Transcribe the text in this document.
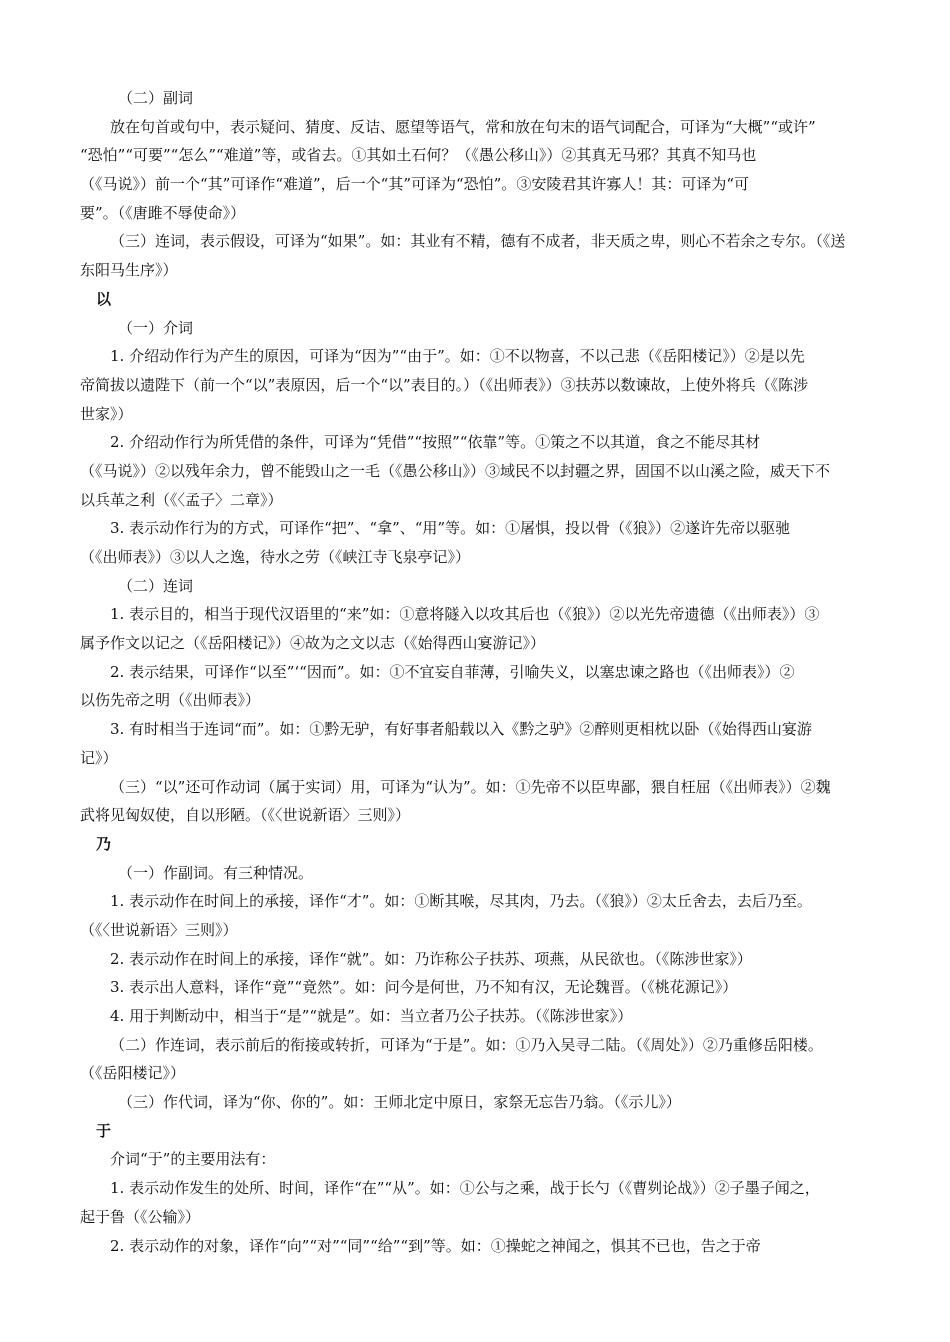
（二）副词
放在句首或句中，表示疑问、猜度、反诘、愿望等语气，常和放在句末的语气词配合，可译为“大概”“或许”
“恐怕”“可要”“怎么”“难道”等，或省去。①其如土石何？（《愚公移山》）②其真无马邪？其真不知马也
（《马说》）前一个“其”可译作“难道”，后一个“其”可译为“恐怕”。③安陵君其许寡人！其：可译为“可
要”。（《唐雎不辱使命》）
（三）连词，表示假设，可译为“如果”。如：其业有不精，德有不成者，非天质之卑，则心不若余之专尔。（《送
东阳马生序》）
以
（一）介词
1. 介绍动作行为产生的原因，可译为“因为”“由于”。如：①不以物喜，不以己悲（《岳阳楼记》）②是以先
帝简拔以遗陛下（前一个“以”表原因，后一个“以”表目的。）（《出师表》）③扶苏以数谏故，上使外将兵（《陈涉
世家》）
2. 介绍动作行为所凭借的条件，可译为“凭借”“按照”“依靠”等。①策之不以其道，食之不能尽其材
（《马说》）②以残年余力，曾不能毁山之一毛（《愚公移山》）③域民不以封疆之界，固国不以山溪之险，威天下不
以兵革之利（《〈孟子〉二章》）
3. 表示动作行为的方式，可译作“把”、“拿”、“用”等。如：①屠惧，投以骨（《狼》）②遂许先帝以驱驰
（《出师表》）③以人之逸，待水之劳（《峡江寺飞泉亭记》）
（二）连词
1. 表示目的，相当于现代汉语里的“来”如：①意将隧入以攻其后也（《狼》）②以光先帝遗德（《出师表》）③
属予作文以记之（《岳阳楼记》）④故为之文以志（《始得西山宴游记》）
2. 表示结果，可译作“以至”‘“因而”。如：①不宜妄自菲薄，引喻失义，以塞忠谏之路也（《出师表》）②
以伤先帝之明（《出师表》）
3. 有时相当于连词“而”。如：①黔无驴，有好事者船载以入《黔之驴》②醉则更相枕以卧（《始得西山宴游
记》）
（三）“以”还可作动词（属于实词）用，可译为“认为”。如：①先帝不以臣卑鄙，猥自枉屈（《出师表》）②魏
武将见匈奴使，自以形陋。（《〈世说新语〉三则》）
乃
（一）作副词。有三种情况。
1. 表示动作在时间上的承接，译作“才”。如：①断其喉，尽其肉，乃去。（《狼》）②太丘舍去，去后乃至。
（《〈世说新语〉三则》）
2. 表示动作在时间上的承接，译作“就”。如：乃诈称公子扶苏、项燕，从民欲也。（《陈涉世家》）
3. 表示出人意料，译作“竟”“竟然”。如：问今是何世，乃不知有汉，无论魏晋。（《桃花源记》）
4. 用于判断动中，相当于“是”“就是”。如：当立者乃公子扶苏。（《陈涉世家》）
（二）作连词，表示前后的衔接或转折，可译为“于是”。如：①乃入吴寻二陆。（《周处》）②乃重修岳阳楼。
（《岳阳楼记》）
（三）作代词，译为“你、你的”。如：王师北定中原日，家祭无忘告乃翁。（《示儿》）
于
介词“于”的主要用法有：
1. 表示动作发生的处所、时间，译作“在”“从”。如：①公与之乘，战于长勺（《曹刿论战》）②子墨子闻之，
起于鲁（《公输》）
2. 表示动作的对象，译作“向”“对”“同”“给”“到”等。如：①操蛇之神闻之，惧其不已也，告之于帝
